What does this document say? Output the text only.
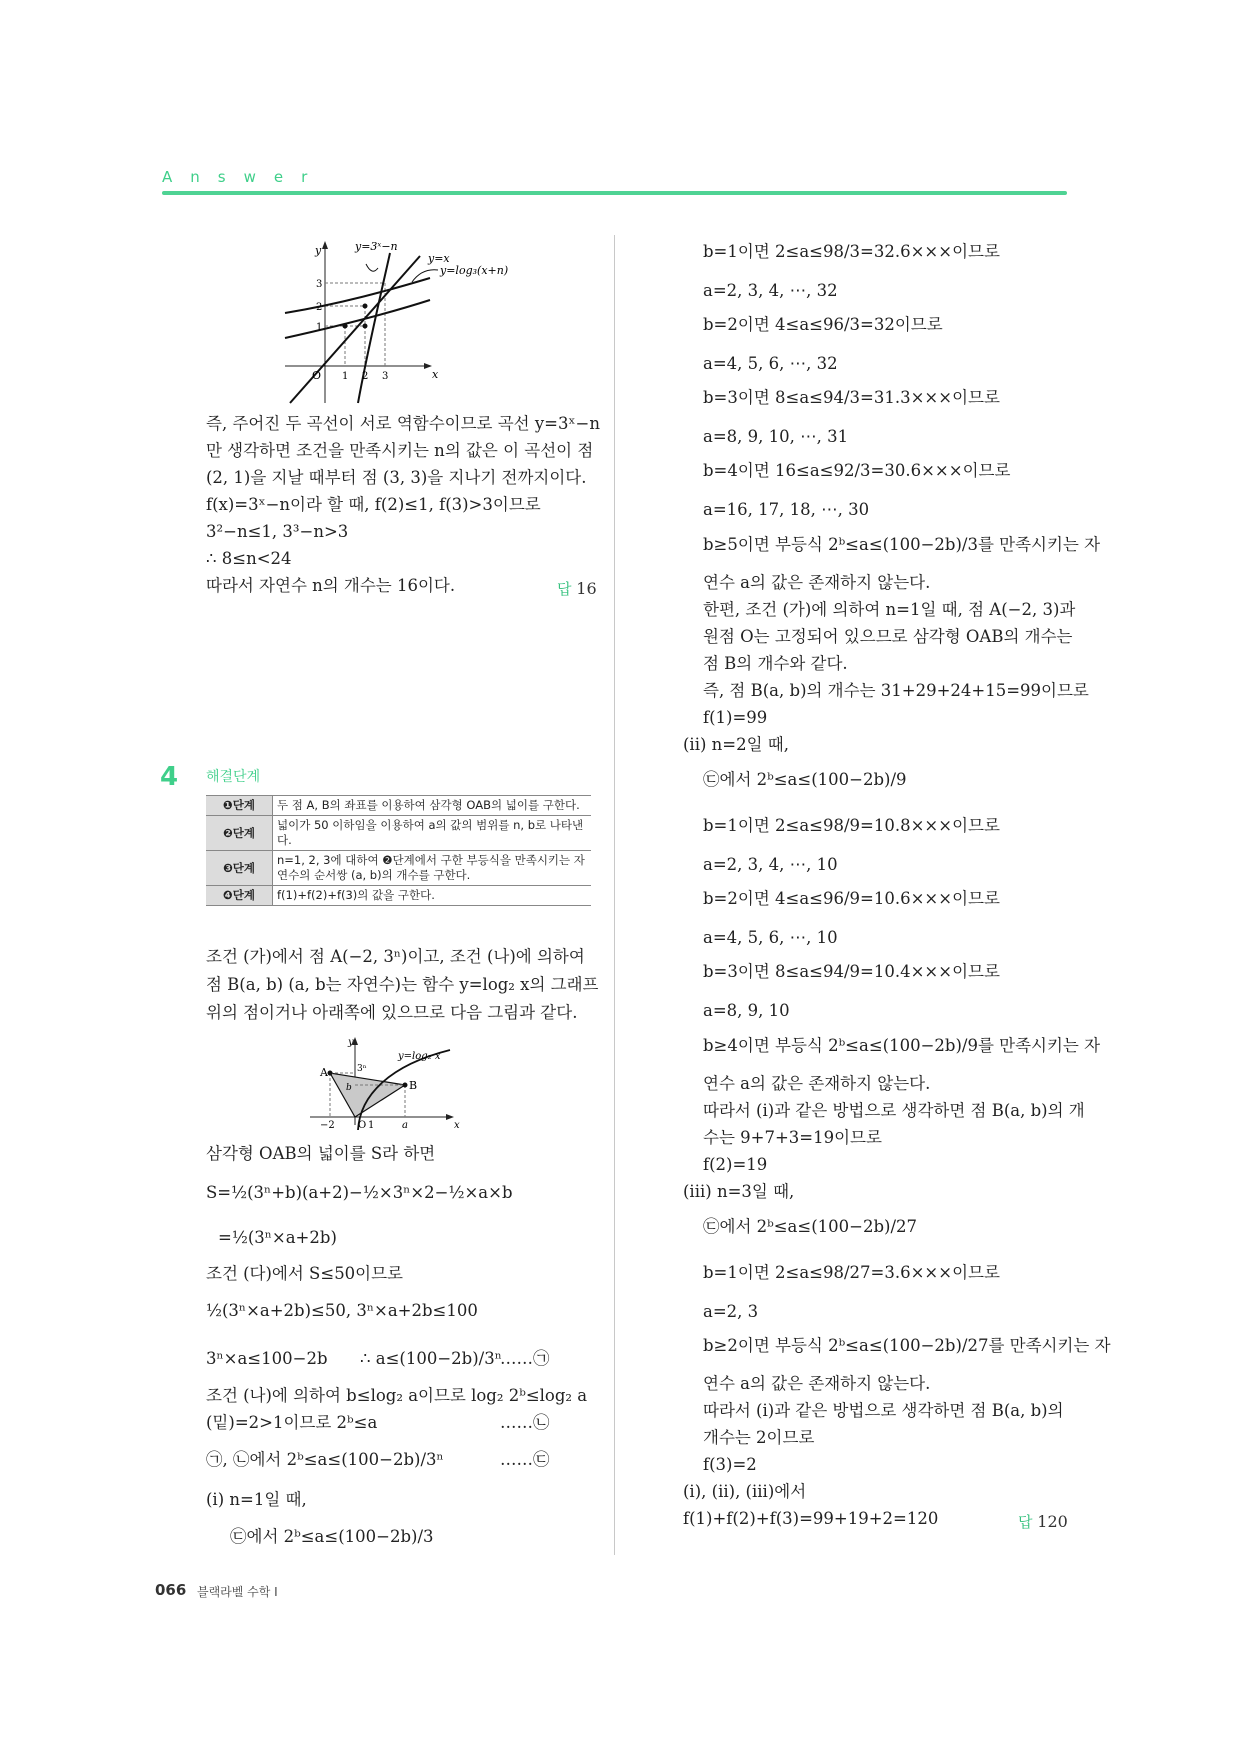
Answer
y
x
O
y=3ˣ−n
y=x
y=log₃(x+n)
3
2
1
1 2 3
즉, 주어진 두 곡선이 서로 역함수이므로 곡선 y=3ˣ−n
만 생각하면 조건을 만족시키는 n의 값은 이 곡선이 점
(2, 1)을 지날 때부터 점 (3, 3)을 지나기 전까지이다.
f(x)=3ˣ−n이라 할 때, f(2)≤1, f(3)>3이므로
3²−n≤1, 3³−n>3
∴ 8≤n<24
따라서 자연수 n의 개수는 16이다.	답 16
4 해결단계
❶단계	두 점 A, B의 좌표를 이용하여 삼각형 OAB의 넓이를 구한다.
❷단계	넓이가 50 이하임을 이용하여 a의 값의 범위를 n, b로 나타낸다.
❸단계	n=1, 2, 3에 대하여 ❷단계에서 구한 부등식을 만족시키는 자연수의 순서쌍 (a, b)의 개수를 구한다.
❹단계	f(1)+f(2)+f(3)의 값을 구한다.
조건 (가)에서 점 A(−2, 3ⁿ)이고, 조건 (나)에 의하여
점 B(a, b) (a, b는 자연수)는 함수 y=log₂ x의 그래프
위의 점이거나 아래쪽에 있으므로 다음 그림과 같다.
y
x
O
A
B
3ⁿ
b
−2	1	a
y=log₂ x
삼각형 OAB의 넓이를 S라 하면
S=½(3ⁿ+b)(a+2)−½×3ⁿ×2−½×a×b
=½(3ⁿ×a+2b)
조건 (다)에서 S≤50이므로
½(3ⁿ×a+2b)≤50, 3ⁿ×a+2b≤100
3ⁿ×a≤100−2b ∴ a≤(100−2b)/3ⁿ
……㉠
조건 (나)에 의하여 b≤log₂ a이므로 log₂ 2ᵇ≤log₂ a
(밑)=2>1이므로 2ᵇ≤a	……㉡
㉠, ㉡에서 2ᵇ≤a≤(100−2b)/3ⁿ	……㉢
(i) n=1일 때,
㉢에서 2ᵇ≤a≤(100−2b)/3
b=1이면 2≤a≤98/3=32.6×××이므로
a=2, 3, 4, ⋯, 32
b=2이면 4≤a≤96/3=32이므로
a=4, 5, 6, ⋯, 32
b=3이면 8≤a≤94/3=31.3×××이므로
a=8, 9, 10, ⋯, 31
b=4이면 16≤a≤92/3=30.6×××이므로
a=16, 17, 18, ⋯, 30
b≥5이면 부등식 2ᵇ≤a≤(100−2b)/3를 만족시키는 자
연수 a의 값은 존재하지 않는다.
한편, 조건 (가)에 의하여 n=1일 때, 점 A(−2, 3)과
원점 O는 고정되어 있으므로 삼각형 OAB의 개수는
점 B의 개수와 같다.
즉, 점 B(a, b)의 개수는 31+29+24+15=99이므로
f(1)=99
(ii) n=2일 때,
㉢에서 2ᵇ≤a≤(100−2b)/9
b=1이면 2≤a≤98/9=10.8×××이므로
a=2, 3, 4, ⋯, 10
b=2이면 4≤a≤96/9=10.6×××이므로
a=4, 5, 6, ⋯, 10
b=3이면 8≤a≤94/9=10.4×××이므로
a=8, 9, 10
b≥4이면 부등식 2ᵇ≤a≤(100−2b)/9를 만족시키는 자
연수 a의 값은 존재하지 않는다.
따라서 (i)과 같은 방법으로 생각하면 점 B(a, b)의 개
수는 9+7+3=19이므로
f(2)=19
(iii) n=3일 때,
㉢에서 2ᵇ≤a≤(100−2b)/27
b=1이면 2≤a≤98/27=3.6×××이므로
a=2, 3
b≥2이면 부등식 2ᵇ≤a≤(100−2b)/27를 만족시키는 자
연수 a의 값은 존재하지 않는다.
따라서 (i)과 같은 방법으로 생각하면 점 B(a, b)의
개수는 2이므로
f(3)=2
(i), (ii), (iii)에서
f(1)+f(2)+f(3)=99+19+2=120	답 120
066 블랙라벨 수학 I
